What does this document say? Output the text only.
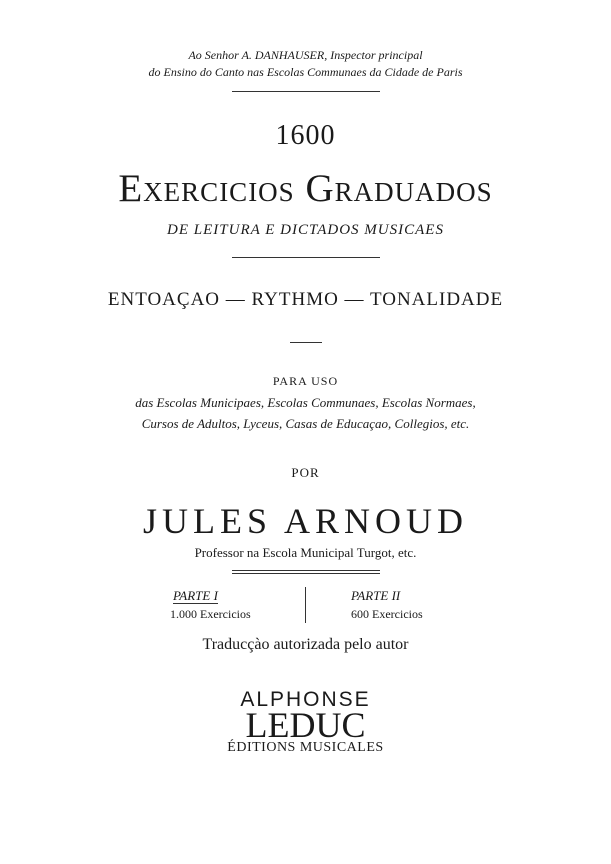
Ao Senhor A. DANHAUSER, Inspector principal
do Ensino do Canto nas Escolas Communaes da Cidade de Paris
1600
Exercicios Graduados
DE LEITURA E DICTADOS MUSICAES
ENTOAÇAO — RYTHMO — TONALIDADE
PARA USO
das Escolas Municipaes, Escolas Communaes, Escolas Normaes,
Cursos de Adultos, Lyceus, Casas de Educaçao, Collegios, etc.
POR
JULES ARNOUD
Professor na Escola Municipal Turgot, etc.
PARTE I
1.000 Exercicios
PARTE II
600 Exercicios
Traducçào autorizada pelo autor
ALPHONSE
LEDUC
ÉDITIONS MUSICALES
